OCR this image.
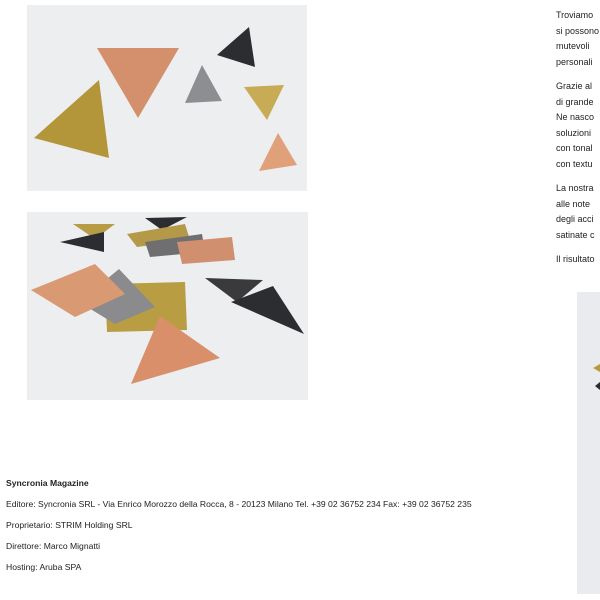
Troviamo
si possono
mutevoli
personali

Grazie al
di grande
Ne nasco
soluzioni
con tonal
con textu

La nostra
alle note
degli acci
satinate c

Il risultato

Syncronia Magazine

Editore: Syncronia SRL - Via Enrico Morozzo della Rocca, 8 - 20123 Milano Tel. +39 02 36752 234 Fax: +39 02 36752 235

Proprietario: STRIM Holding SRL

Direttore: Marco Mignatti

Hosting: Aruba SPA
